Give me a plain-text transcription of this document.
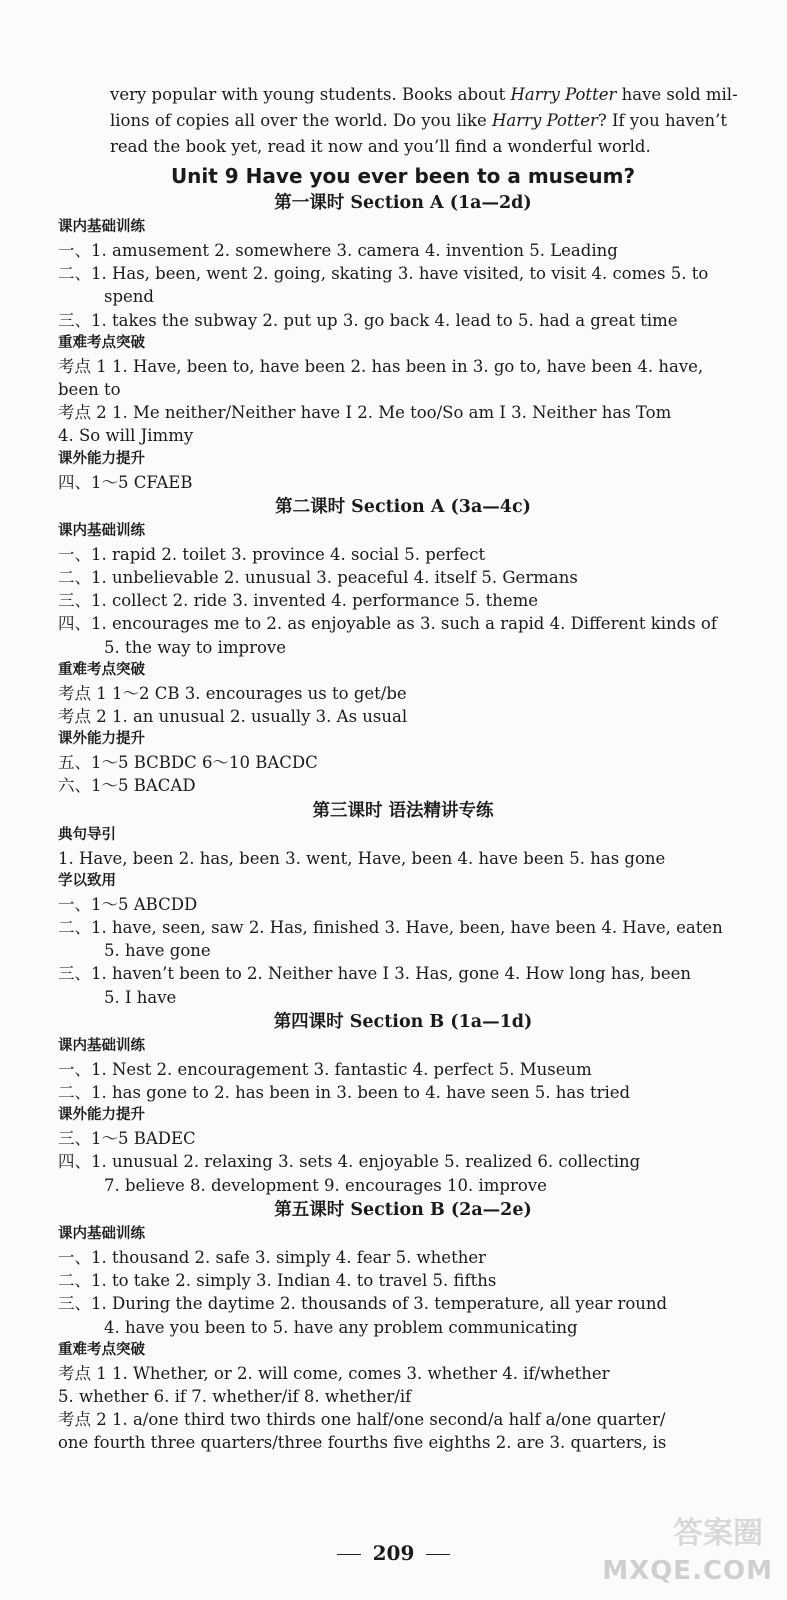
very popular with young students. Books about Harry Potter have sold mil-
lions of copies all over the world. Do you like Harry Potter? If you haven’t
read the book yet, read it now and you’ll find a wonderful world.
Unit 9 Have you ever been to a museum?
第一课时 Section A (1a—2d)
课内基础训练
一、1. amusement 2. somewhere 3. camera 4. invention 5. Leading
二、1. Has, been, went 2. going, skating 3. have visited, to visit 4. comes 5. to
spend
三、1. takes the subway 2. put up 3. go back 4. lead to 5. had a great time
重难考点突破
考点 1 1. Have, been to, have been 2. has been in 3. go to, have been 4. have,
been to
考点 2 1. Me neither/Neither have I 2. Me too/So am I 3. Neither has Tom
4. So will Jimmy
课外能力提升
四、1～5 CFAEB
第二课时 Section A (3a—4c)
课内基础训练
一、1. rapid 2. toilet 3. province 4. social 5. perfect
二、1. unbelievable 2. unusual 3. peaceful 4. itself 5. Germans
三、1. collect 2. ride 3. invented 4. performance 5. theme
四、1. encourages me to 2. as enjoyable as 3. such a rapid 4. Different kinds of
5. the way to improve
重难考点突破
考点 1 1～2 CB 3. encourages us to get/be
考点 2 1. an unusual 2. usually 3. As usual
课外能力提升
五、1～5 BCBDC 6～10 BACDC
六、1～5 BACAD
第三课时 语法精讲专练
典句导引
1. Have, been 2. has, been 3. went, Have, been 4. have been 5. has gone
学以致用
一、1～5 ABCDD
二、1. have, seen, saw 2. Has, finished 3. Have, been, have been 4. Have, eaten
5. have gone
三、1. haven’t been to 2. Neither have I 3. Has, gone 4. How long has, been
5. I have
第四课时 Section B (1a—1d)
课内基础训练
一、1. Nest 2. encouragement 3. fantastic 4. perfect 5. Museum
二、1. has gone to 2. has been in 3. been to 4. have seen 5. has tried
课外能力提升
三、1～5 BADEC
四、1. unusual 2. relaxing 3. sets 4. enjoyable 5. realized 6. collecting
7. believe 8. development 9. encourages 10. improve
第五课时 Section B (2a—2e)
课内基础训练
一、1. thousand 2. safe 3. simply 4. fear 5. whether
二、1. to take 2. simply 3. Indian 4. to travel 5. fifths
三、1. During the daytime 2. thousands of 3. temperature, all year round
4. have you been to 5. have any problem communicating
重难考点突破
考点 1 1. Whether, or 2. will come, comes 3. whether 4. if/whether
5. whether 6. if 7. whether/if 8. whether/if
考点 2 1. a/one third two thirds one half/one second/a half a/one quarter/
one fourth three quarters/three fourths five eighths 2. are 3. quarters, is
209
答案圈
MXQE.COM
